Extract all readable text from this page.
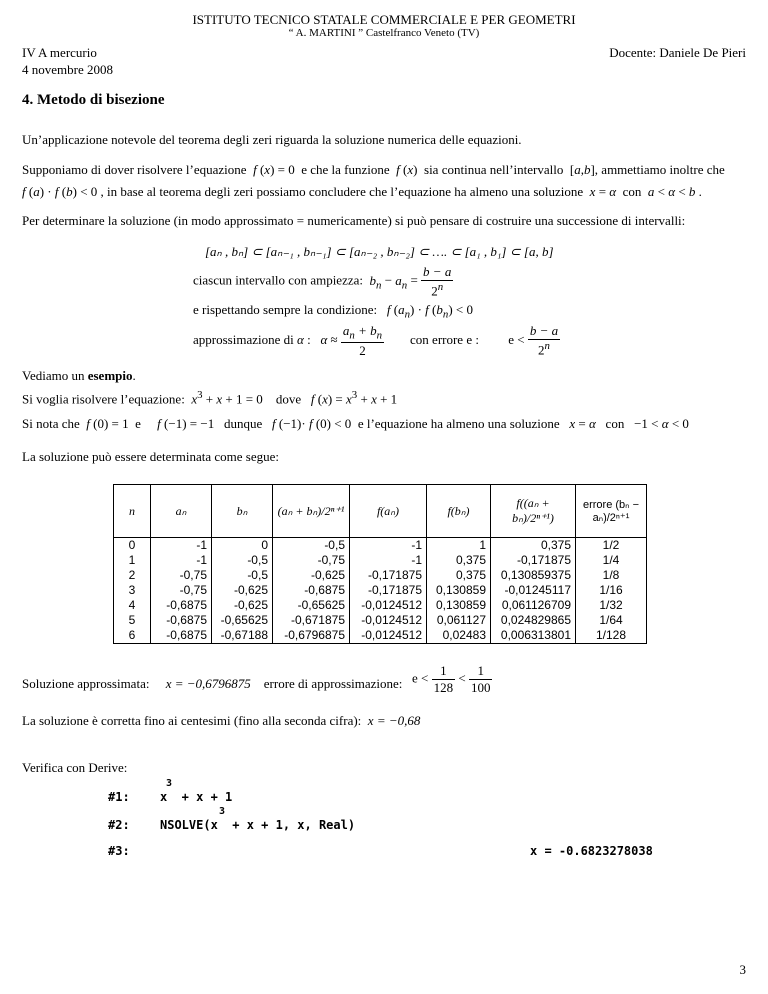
ISTITUTO TECNICO STATALE COMMERCIALE E PER GEOMETRI
“ A. MARTINI ” Castelfranco Veneto (TV)
IV A mercurio
4 novembre 2008
Docente: Daniele De Pieri
4. Metodo di bisezione
Un’applicazione notevole del teorema degli zeri riguarda la soluzione numerica delle equazioni.
Supponiamo di dover risolvere l’equazione  f (x) = 0  e che la funzione  f (x)  sia continua nell’intervallo  [a,b], ammettiamo inoltre che
f (a) · f (b) < 0 , in base al teorema degli zeri possiamo concludere che l’equazione ha almeno una soluzione x = α con a < α < b .
Per determinare la soluzione (in modo approssimato = numericamente) si può pensare di costruire una successione di intervalli:
[aₙ , bₙ] ⊂ [aₙ₋₁ , bₙ₋₁] ⊂ [aₙ₋₂ , bₙ₋₂] ⊂ …. ⊂ [a₁ , b₁] ⊂ [a, b]
ciascun intervallo con ampiezza: $b_n - a_n = \frac{b - a}{2^n}$
e rispettando sempre la condizione: f $(a_n) \cdot f$ $(b_n) < 0$
approssimazione di α :   $\alpha \approx \frac{a_n + b_n}{2}$ con errore e :         $e < \frac{b - a}{2^n}$
Vediamo un esempio.
Si voglia risolvere l’equazione: $x^3 + x + 1 = 0$    dove f $(x) = x^3 + x + 1$
Si nota che f (0) = 1  e f (−1) = −1   dunque f (−1)· f (0) < 0  e l’equazione ha almeno una soluzione x = α con   −1 < α < 0
La soluzione può essere determinata come segue:
n	aₙ	bₙ	(aₙ + bₙ)/2ⁿ⁺¹	f(aₙ)	f(bₙ)	f((aₙ + bₙ)/2ⁿ⁺¹)	errore (bₙ − aₙ)/2ⁿ⁺¹
0	-1	0	-0,5	-1	1	0,375	1/2
1	-1	-0,5	-0,75	-1	0,375	-0,171875	1/4
2	-0,75	-0,5	-0,625	-0,171875	0,375	0,130859375	1/8
3	-0,75	-0,625	-0,6875	-0,171875	0,130859	-0,01245117	1/16
4	-0,6875	-0,625	-0,65625	-0,0124512	0,130859	0,061126709	1/32
5	-0,6875	-0,65625	-0,671875	-0,0124512	0,061127	0,024829865	1/64
6	-0,6875	-0,67188	-0,6796875	-0,0124512	0,02483	0,006313801	1/128
Soluzione approssimata: x = −0,6796875 errore di approssimazione: $e < \frac{1}{128} < \frac{1}{100}$
La soluzione è corretta fino ai centesimi (fino alla seconda cifra): x = −0,68
Verifica con Derive:
#1:
3
x  + x + 1
#2:
3
NSOLVE(x  + x + 1, x, Real)
#3:	x = -0.6823278038
3
